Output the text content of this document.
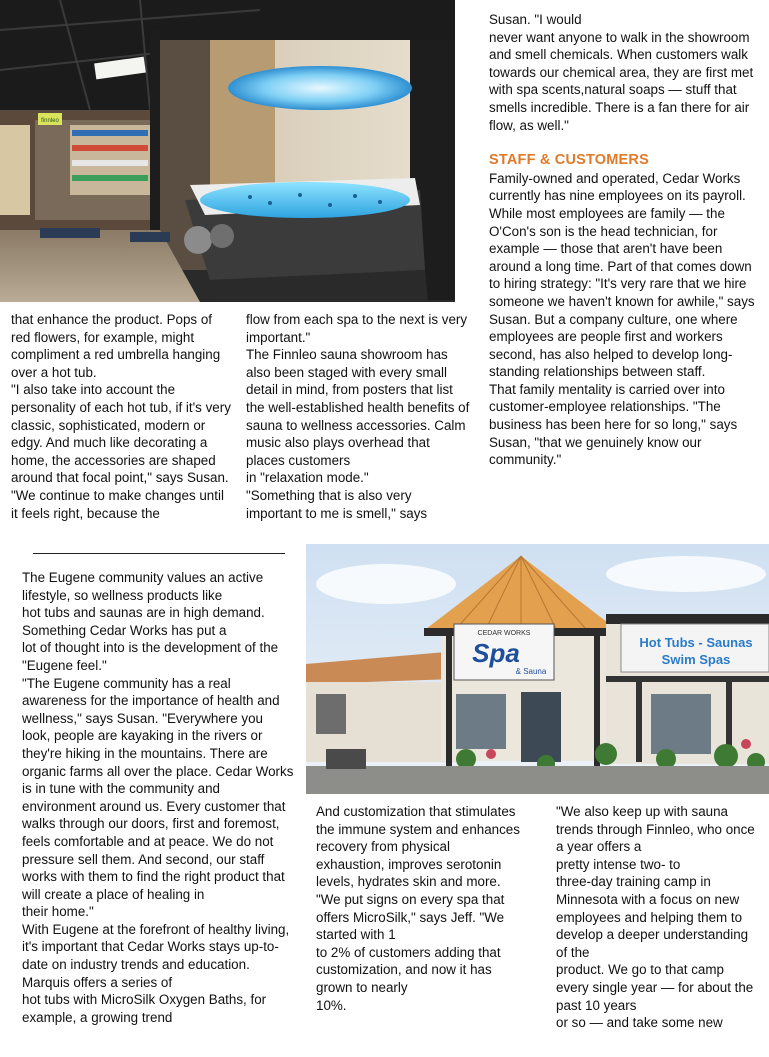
finnleo

Susan. "I would

never want anyone to walk in the showroom and smell chemicals. When customers walk towards our chemical area, they are first met with spa scents,natural soaps — stuff that smells incredible. There is a fan there for air flow, as well."

STAFF & CUSTOMERS

Family-owned and operated, Cedar Works currently has nine employees on its payroll. While most employees are family — the O'Con's son is the head technician, for example — those that aren't have been around a long time. Part of that comes down to hiring strategy: "It's very rare that we hire someone we haven't known for awhile," says Susan. But a company culture, one where

employees are people first and workers second, has also helped to develop long-standing relationships between staff.

That family mentality is carried over into customer-employee relationships. "The business has been here for so long," says Susan, "that we genuinely know our community."

that enhance the product. Pops of red flowers, for example, might compliment a red umbrella hanging over a hot tub.

"I also take into account the personality of each hot tub, if it's very classic, sophisticated, modern or edgy. And much like decorating a home, the accessories are shaped around that focal point," says Susan.

"We continue to make changes until it feels right, because the

flow from each spa to the next is very important."

The Finnleo sauna showroom has also been staged with every small detail in mind, from posters that list the well-established health benefits of sauna to wellness accessories. Calm music also plays overhead that places customers

in "relaxation mode."

"Something that is also very important to me is smell," says

The Eugene community values an active lifestyle, so wellness products like

hot tubs and saunas are in high demand. Something Cedar Works has put a

lot of thought into is the development of the "Eugene feel."

"The Eugene community has a real awareness for the importance of health and wellness," says Susan. "Everywhere you look, people are kayaking in the rivers or they're hiking in the mountains. There are organic farms all over the place. Cedar Works is in tune with the community and environment around us. Every customer that walks through our doors, first and foremost, feels comfortable and at peace. We do not pressure sell them. And second, our staff works with them to find the right product that will create a place of healing in

their home."

With Eugene at the forefront of healthy living, it's important that Cedar Works stays up-to-date on industry trends and education. Marquis offers a series of

hot tubs with MicroSilk Oxygen Baths, for example, a growing trend

CEDAR WORKS
Spa
& Sauna
Hot Tubs - Saunas
Swim Spas

And customization that stimulates the immune system and enhances recovery from physical exhaustion, improves serotonin levels, hydrates skin and more.

"We put signs on every spa that offers MicroSilk," says Jeff. "We started with 1

to 2% of customers adding that customization, and now it has grown to nearly

10%.

"We also keep up with sauna trends through Finnleo, who once a year offers a

pretty intense two- to

three-day training camp in Minnesota with a focus on new employees and helping them to develop a deeper understanding of the

product. We go to that camp every single year — for about the past 10 years

or so — and take some new
